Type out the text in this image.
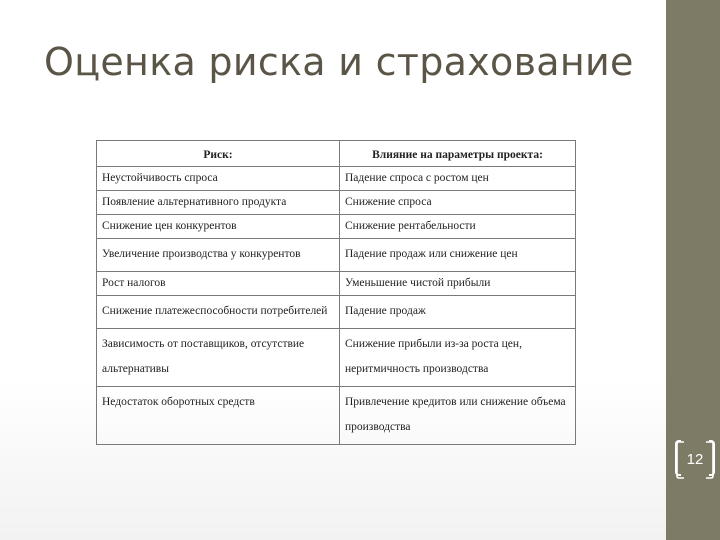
Оценка риска и страхование
Риск:	Влияние на параметры проекта:
Неустойчивость спроса	Падение спроса с ростом цен
Появление альтернативного продукта	Снижение спроса
Снижение цен конкурентов	Снижение рентабельности
Увеличение производства у конкурентов	Падение продаж или снижение цен
Рост налогов	Уменьшение чистой прибыли
Снижение платежеспособности потребителей	Падение продаж
Зависимость от поставщиков, отсутствие альтернативы	Снижение прибыли из-за роста цен, неритмичность производства
Недостаток оборотных средств	Привлечение кредитов или снижение объема производства
12
